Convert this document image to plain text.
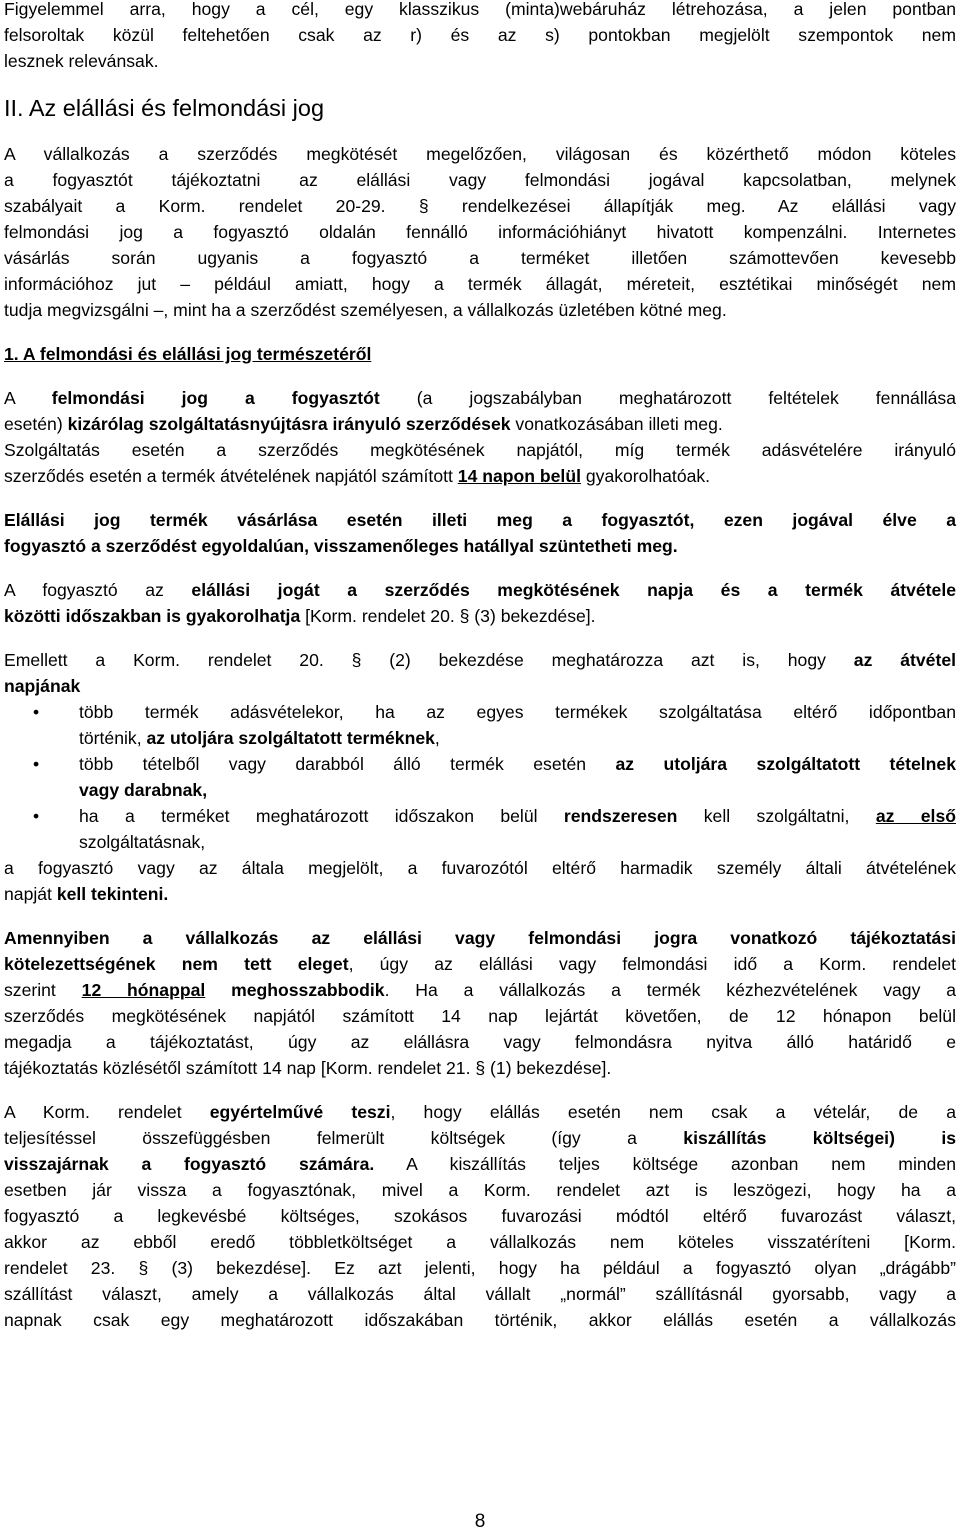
Figyelemmel arra, hogy a cél, egy klasszikus (minta)webáruház létrehozása, a jelen pontban
felsoroltak közül feltehetően csak az r) és az s) pontokban megjelölt szempontok nem
lesznek relevánsak.
II. Az elállási és felmondási jog
A vállalkozás a szerződés megkötését megelőzően, világosan és közérthető módon köteles
a fogyasztót tájékoztatni az elállási vagy felmondási jogával kapcsolatban, melynek
szabályait a Korm. rendelet 20-29. § rendelkezései állapítják meg. Az elállási vagy
felmondási jog a fogyasztó oldalán fennálló információhiányt hivatott kompenzálni. Internetes
vásárlás során ugyanis a fogyasztó a terméket illetően számottevően kevesebb
információhoz jut – például amiatt, hogy a termék állagát, méreteit, esztétikai minőségét nem
tudja megvizsgálni –, mint ha a szerződést személyesen, a vállalkozás üzletében kötné meg.
1. A felmondási és elállási jog természetéről
A felmondási jog a fogyasztót (a jogszabályban meghatározott feltételek fennállása
esetén) kizárólag szolgáltatásnyújtásra irányuló szerződések vonatkozásában illeti meg.
Szolgáltatás esetén a szerződés megkötésének napjától, míg termék adásvételére irányuló
szerződés esetén a termék átvételének napjától számított 14 napon belül gyakorolhatóak.
Elállási jog termék vásárlása esetén illeti meg a fogyasztót, ezen jogával élve a
fogyasztó a szerződést egyoldalúan, visszamenőleges hatállyal szüntetheti meg.
A fogyasztó az elállási jogát a szerződés megkötésének napja és a termék átvétele
közötti időszakban is gyakorolhatja [Korm. rendelet 20. § (3) bekezdése].
Emellett a Korm. rendelet 20. § (2) bekezdése meghatározza azt is, hogy az átvétel
napjának
• több termék adásvételekor, ha az egyes termékek szolgáltatása eltérő időpontban
történik, az utoljára szolgáltatott terméknek,
• több tételből vagy darabból álló termék esetén az utoljára szolgáltatott tételnek
vagy darabnak,
• ha a terméket meghatározott időszakon belül rendszeresen kell szolgáltatni, az első
szolgáltatásnak,
a fogyasztó vagy az általa megjelölt, a fuvarozótól eltérő harmadik személy általi átvételének
napját kell tekinteni.
Amennyiben a vállalkozás az elállási vagy felmondási jogra vonatkozó tájékoztatási
kötelezettségének nem tett eleget, úgy az elállási vagy felmondási idő a Korm. rendelet
szerint 12 hónappal meghosszabbodik. Ha a vállalkozás a termék kézhezvételének vagy a
szerződés megkötésének napjától számított 14 nap lejártát követően, de 12 hónapon belül
megadja a tájékoztatást, úgy az elállásra vagy felmondásra nyitva álló határidő e
tájékoztatás közlésétől számított 14 nap [Korm. rendelet 21. § (1) bekezdése].
A Korm. rendelet egyértelművé teszi, hogy elállás esetén nem csak a vételár, de a
teljesítéssel összefüggésben felmerült költségek (így a kiszállítás költségei) is
visszajárnak a fogyasztó számára. A kiszállítás teljes költsége azonban nem minden
esetben jár vissza a fogyasztónak, mivel a Korm. rendelet azt is leszögezi, hogy ha a
fogyasztó a legkevésbé költséges, szokásos fuvarozási módtól eltérő fuvarozást választ,
akkor az ebből eredő többletköltséget a vállalkozás nem köteles visszatéríteni [Korm.
rendelet 23. § (3) bekezdése]. Ez azt jelenti, hogy ha például a fogyasztó olyan „drágább”
szállítást választ, amely a vállalkozás által vállalt „normál” szállításnál gyorsabb, vagy a
napnak csak egy meghatározott időszakában történik, akkor elállás esetén a vállalkozás
8
